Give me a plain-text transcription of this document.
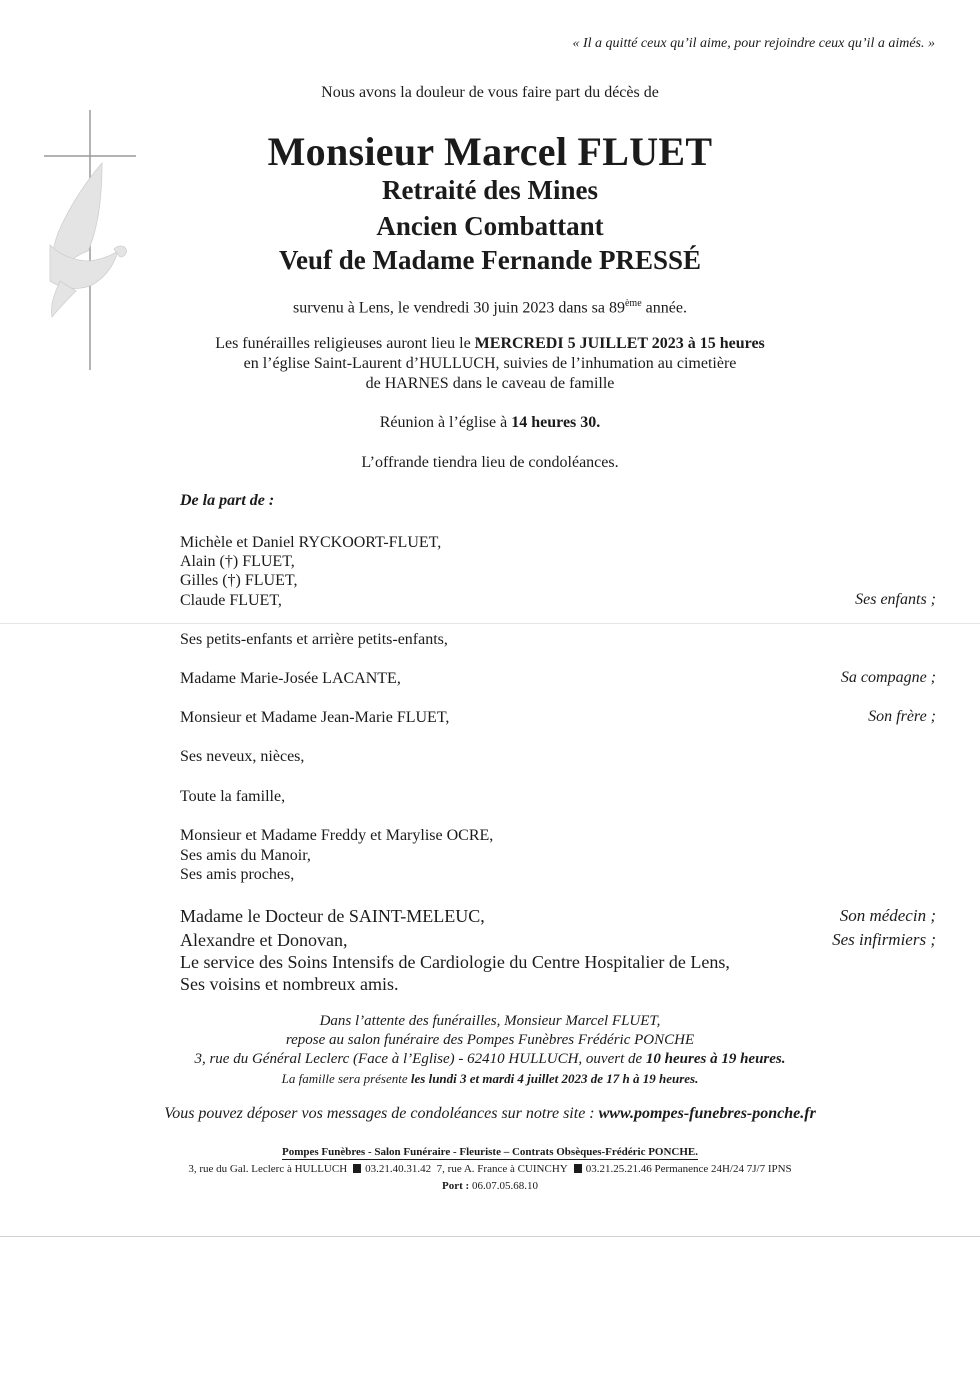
« Il a quitté ceux qu’il aime, pour rejoindre ceux qu’il a aimés. »
Nous avons la douleur de vous faire part du décès de
Monsieur Marcel FLUET
Retraité des Mines
Ancien Combattant
Veuf de Madame Fernande PRESSÉ
survenu à Lens, le vendredi 30 juin 2023 dans sa 89ème année.
Les funérailles religieuses auront lieu le MERCREDI 5 JUILLET 2023 à 15 heures
en l’église Saint-Laurent d’HULLUCH, suivies de l’inhumation au cimetière
de HARNES dans le caveau de famille
Réunion à l’église à 14 heures 30.
L’offrande tiendra lieu de condoléances.
De la part de :
Michèle et Daniel RYCKOORT-FLUET,
Alain (†) FLUET,
Gilles (†) FLUET,
Claude FLUET,	Ses enfants ;
Ses petits-enfants et arrière petits-enfants,
Madame Marie-Josée LACANTE,	Sa compagne ;
Monsieur et Madame Jean-Marie FLUET,	Son frère ;
Ses neveux, nièces,
Toute la famille,
Monsieur et Madame Freddy et Marylise OCRE,
Ses amis du Manoir,
Ses amis proches,
Madame le Docteur de SAINT-MELEUC,	Son médecin ;
Alexandre et Donovan,	Ses infirmiers ;
Le service des Soins Intensifs de Cardiologie du Centre Hospitalier de Lens,
Ses voisins et nombreux amis.
Dans l’attente des funérailles, Monsieur Marcel FLUET,
repose au salon funéraire des Pompes Funèbres Frédéric PONCHE
3, rue du Général Leclerc (Face à l’Eglise) - 62410 HULLUCH, ouvert de 10 heures à 19 heures.
La famille sera présente les lundi 3 et mardi 4 juillet 2023 de 17 h à 19 heures.
Vous pouvez déposer vos messages de condoléances sur notre site : www.pompes-funebres-ponche.fr
Pompes Funèbres - Salon Funéraire - Fleuriste – Contrats Obsèques-Frédéric PONCHE.
3, rue du Gal. Leclerc à HULLUCH 03.21.40.31.42 7, rue A. France à CUINCHY 03.21.25.21.46 Permanence 24H/24 7J/7 IPNS
Port : 06.07.05.68.10
